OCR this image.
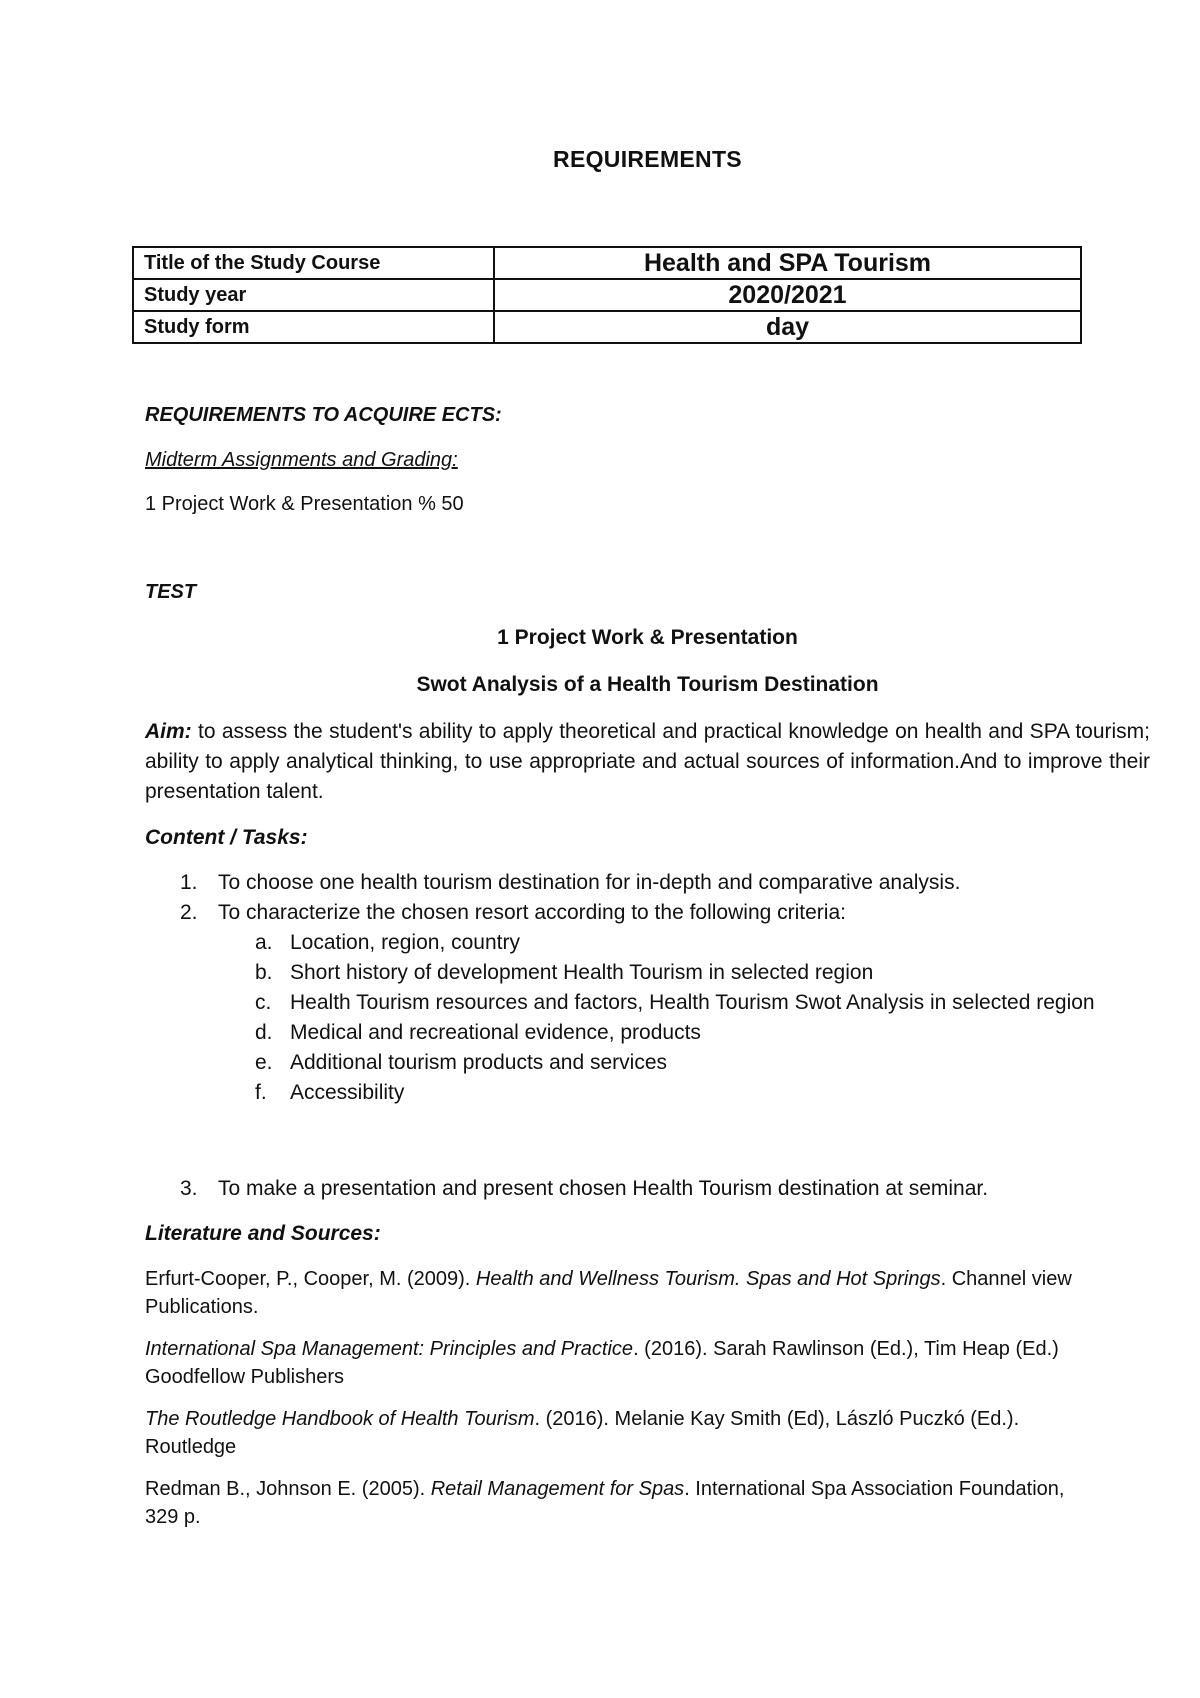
REQUIREMENTS
Title of the Study Course	Health and SPA Tourism
Study year	2020/2021
Study form	day
REQUIREMENTS TO ACQUIRE ECTS:
Midterm Assignments and Grading:
1 Project Work & Presentation % 50
TEST
1 Project Work & Presentation
Swot Analysis of a Health Tourism Destination
Aim: to assess the student's ability to apply theoretical and practical knowledge on health and SPA tourism; ability to apply analytical thinking, to use appropriate and actual sources of information.And to improve their presentation talent.
Content / Tasks:
1. To choose one health tourism destination for in-depth and comparative analysis.
2. To characterize the chosen resort according to the following criteria:
a. Location, region, country
b. Short history of development Health Tourism in selected region
c. Health Tourism resources and factors, Health Tourism Swot Analysis in selected region
d. Medical and recreational evidence, products
e. Additional tourism products and services
f. Accessibility
3. To make a presentation and present chosen Health Tourism destination at seminar.
Literature and Sources:
Erfurt-Cooper, P., Cooper, M. (2009). Health and Wellness Tourism. Spas and Hot Springs. Channel view Publications.
International Spa Management: Principles and Practice. (2016). Sarah Rawlinson (Ed.), Tim Heap (Ed.) Goodfellow Publishers
The Routledge Handbook of Health Tourism. (2016). Melanie Kay Smith (Ed), László Puczkó (Ed.). Routledge
Redman B., Johnson E. (2005). Retail Management for Spas. International Spa Association Foundation, 329 p.
